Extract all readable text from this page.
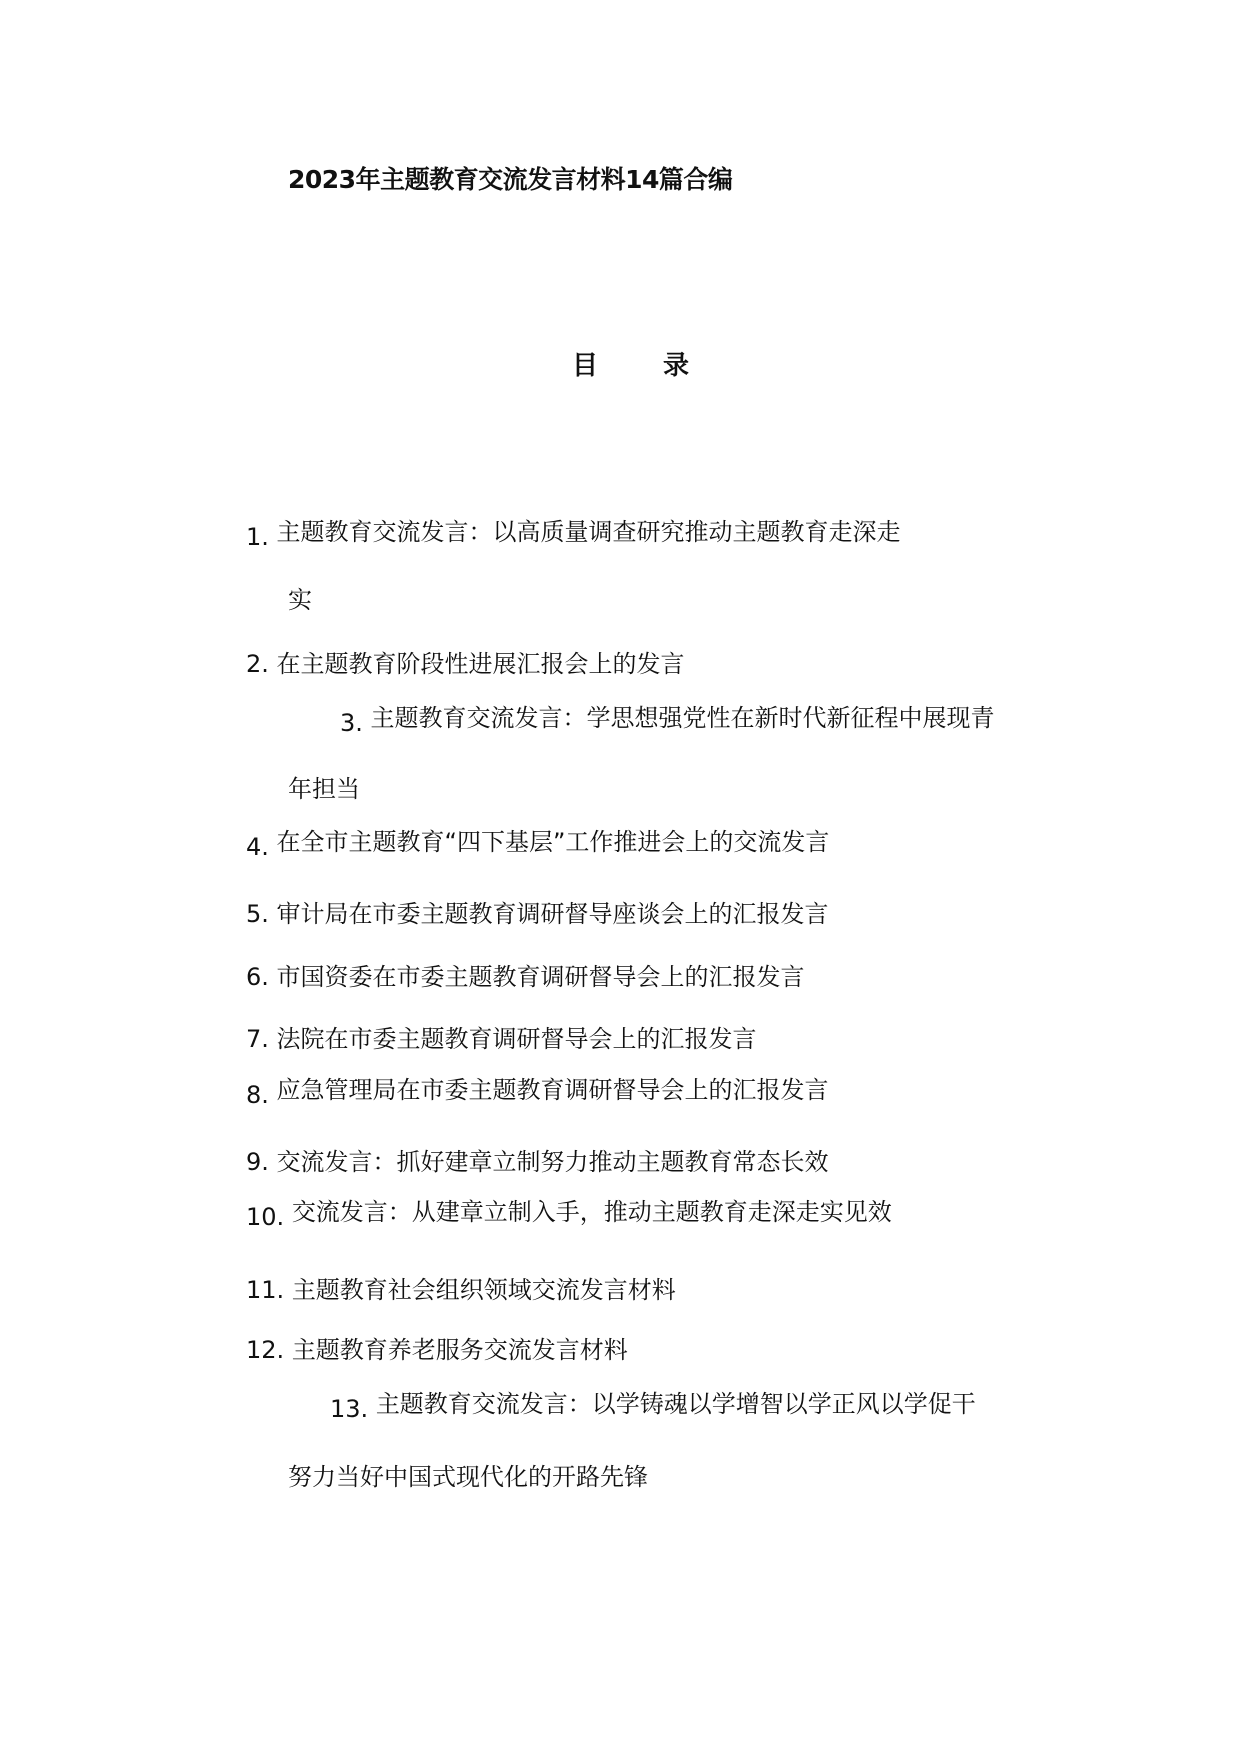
2023年主题教育交流发言材料14篇合编
目 录
1. 主题教育交流发言：以高质量调查研究推动主题教育走深走
实
2. 在主题教育阶段性进展汇报会上的发言
3. 主题教育交流发言：学思想强党性在新时代新征程中展现青
年担当
4. 在全市主题教育“四下基层”工作推进会上的交流发言
5. 审计局在市委主题教育调研督导座谈会上的汇报发言
6. 市国资委在市委主题教育调研督导会上的汇报发言
7. 法院在市委主题教育调研督导会上的汇报发言
8. 应急管理局在市委主题教育调研督导会上的汇报发言
9. 交流发言：抓好建章立制努力推动主题教育常态长效
10. 交流发言：从建章立制入手，推动主题教育走深走实见效
11. 主题教育社会组织领域交流发言材料
12. 主题教育养老服务交流发言材料
13. 主题教育交流发言：以学铸魂以学增智以学正风以学促干
努力当好中国式现代化的开路先锋
